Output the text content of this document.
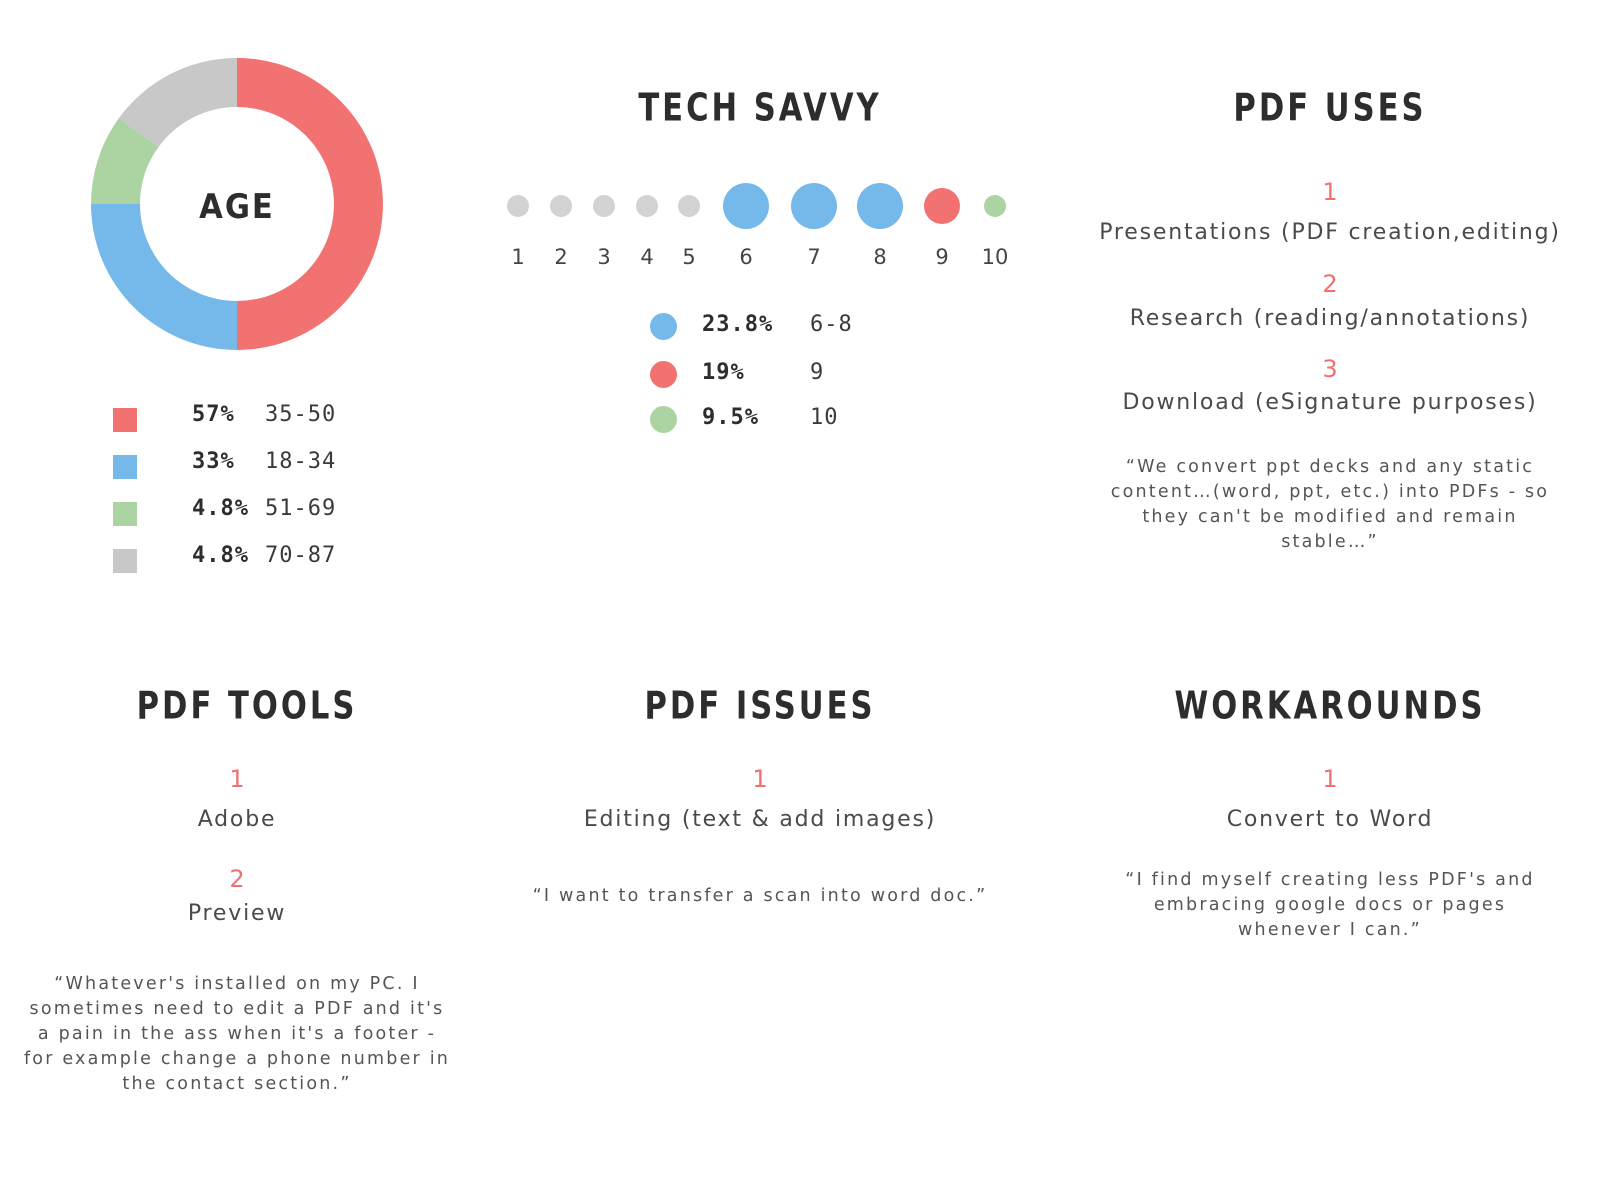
AGE
57% 35-50
33% 18-34
4.8% 51-69
4.8% 70-87
TECH SAVVY
1	2	3	4	5	6	7	8	9	10
23.8% 6-8
19%	9
9.5% 10
PDF USES
1
Presentations (PDF creation,editing)
2
Research (reading/annotations)
3
Download (eSignature purposes)
“We convert ppt decks and any static content…(word, ppt, etc.) into PDFs - so they can't be modified and remain stable…”
PDF TOOLS
1
Adobe
2
Preview
“Whatever's installed on my PC. I sometimes need to edit a PDF and it's a pain in the ass when it's a footer - for example change a phone number in the contact section.”
PDF ISSUES
1
Editing (text & add images)
“I want to transfer a scan into word doc.”
WORKAROUNDS
1
Convert to Word
“I find myself creating less PDF's and embracing google docs or pages whenever I can.”
